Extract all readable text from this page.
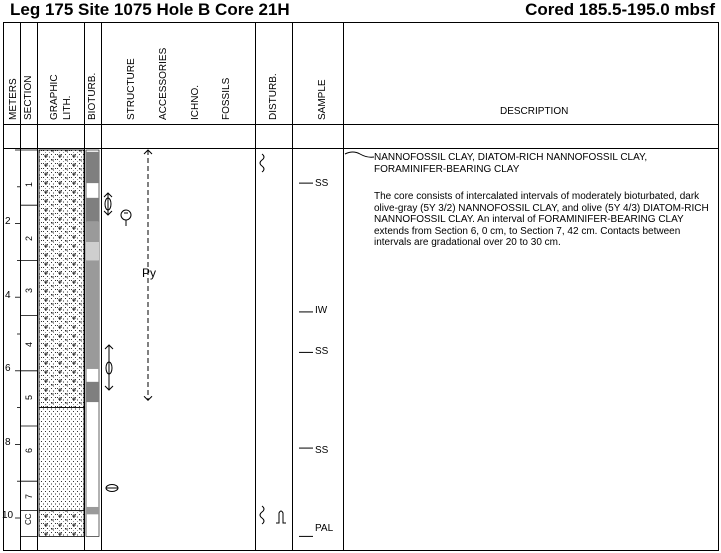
Leg 175 Site 1075 Hole B Core 21H	Cored 185.5-195.0 mbsf
METERS SECTION GRAPHIC LITH. BIOTURB.	STRUCTURE ACCESSORIES ICHNO. FOSSILS	DISTURB.	SAMPLE	DESCRIPTION
2
4
6
8
10
1
2
3
4
5
6
7
CC
Py
SS
IW
SS
SS
PAL
NANNOFOSSIL CLAY, DIATOM-RICH NANNOFOSSIL CLAY, FORAMINIFER-BEARING CLAY
The core consists of intercalated intervals of moderately bioturbated, dark olive-gray (5Y 3/2) NANNOFOSSIL CLAY, and olive (5Y 4/3) DIATOM-RICH NANNOFOSSIL CLAY. An interval of FORAMINIFER-BEARING CLAY extends from Section 6, 0 cm, to Section 7, 42 cm. Contacts between intervals are gradational over 20 to 30 cm.
